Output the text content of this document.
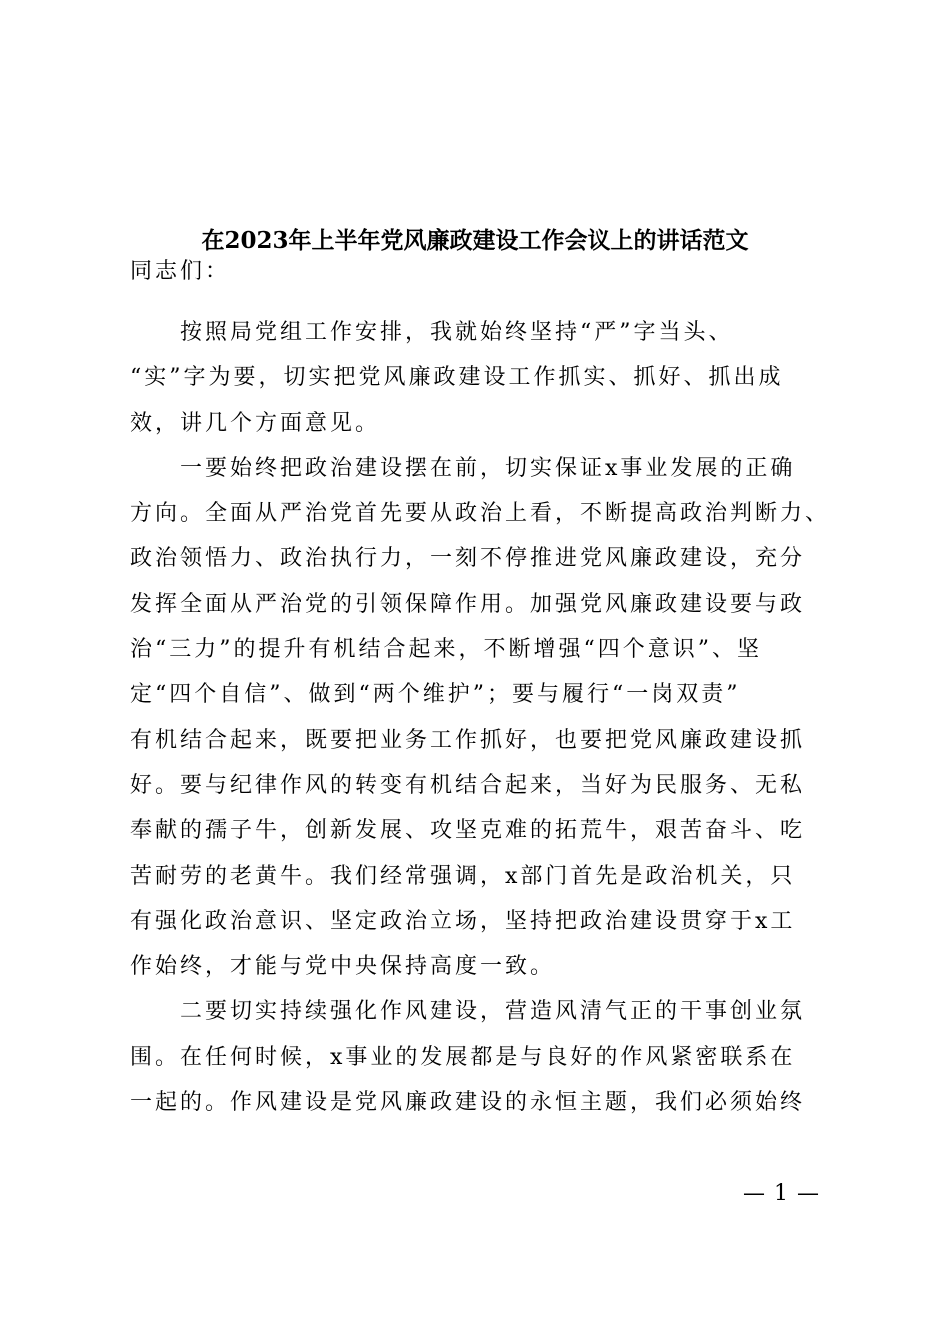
在2023年上半年党风廉政建设工作会议上的讲话范文
同志们：
按照局党组工作安排，我就始终坚持“严”字当头、
“实”字为要，切实把党风廉政建设工作抓实、抓好、抓出成
效，讲几个方面意见。
一要始终把政治建设摆在前，切实保证x事业发展的正确
方向。全面从严治党首先要从政治上看，不断提高政治判断力、
政治领悟力、政治执行力，一刻不停推进党风廉政建设，充分
发挥全面从严治党的引领保障作用。加强党风廉政建设要与政
治“三力”的提升有机结合起来，不断增强“四个意识”、坚
定“四个自信”、做到“两个维护”；要与履行“一岗双责”
有机结合起来，既要把业务工作抓好，也要把党风廉政建设抓
好。要与纪律作风的转变有机结合起来，当好为民服务、无私
奉献的孺子牛，创新发展、攻坚克难的拓荒牛，艰苦奋斗、吃
苦耐劳的老黄牛。我们经常强调，x部门首先是政治机关，只
有强化政治意识、坚定政治立场，坚持把政治建设贯穿于x工
作始终，才能与党中央保持高度一致。
二要切实持续强化作风建设，营造风清气正的干事创业氛
围。在任何时候，x事业的发展都是与良好的作风紧密联系在
一起的。作风建设是党风廉政建设的永恒主题，我们必须始终
— 1 —
